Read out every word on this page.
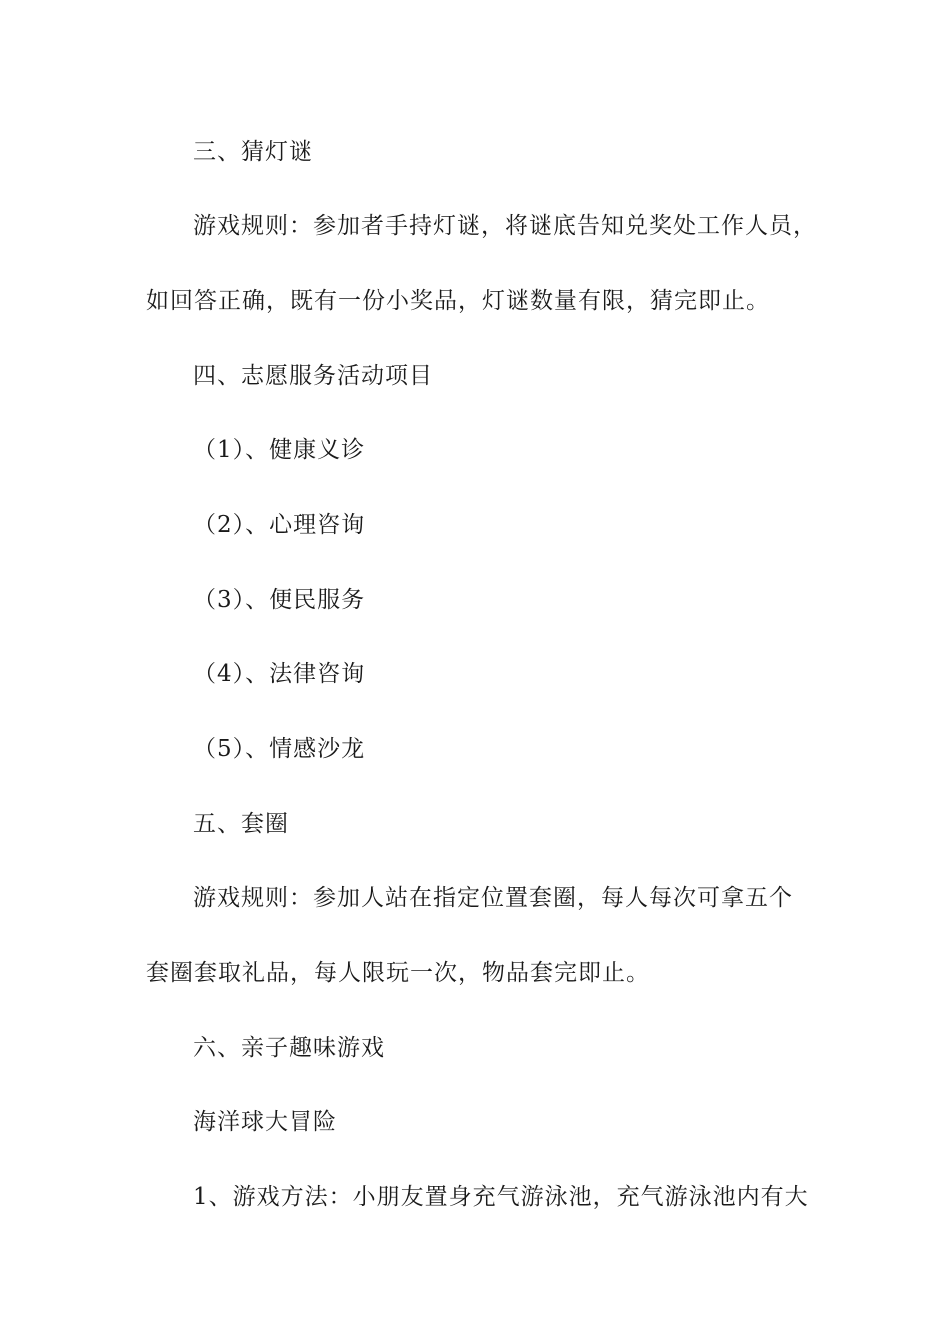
三、猜灯谜
游戏规则：参加者手持灯谜，将谜底告知兑奖处工作人员，
如回答正确，既有一份小奖品，灯谜数量有限，猜完即止。
四、志愿服务活动项目
（1）、健康义诊
（2）、心理咨询
（3）、便民服务
（4）、法律咨询
（5）、情感沙龙
五、套圈
游戏规则：参加人站在指定位置套圈，每人每次可拿五个
套圈套取礼品，每人限玩一次，物品套完即止。
六、亲子趣味游戏
海洋球大冒险
1、游戏方法：小朋友置身充气游泳池，充气游泳池内有大
